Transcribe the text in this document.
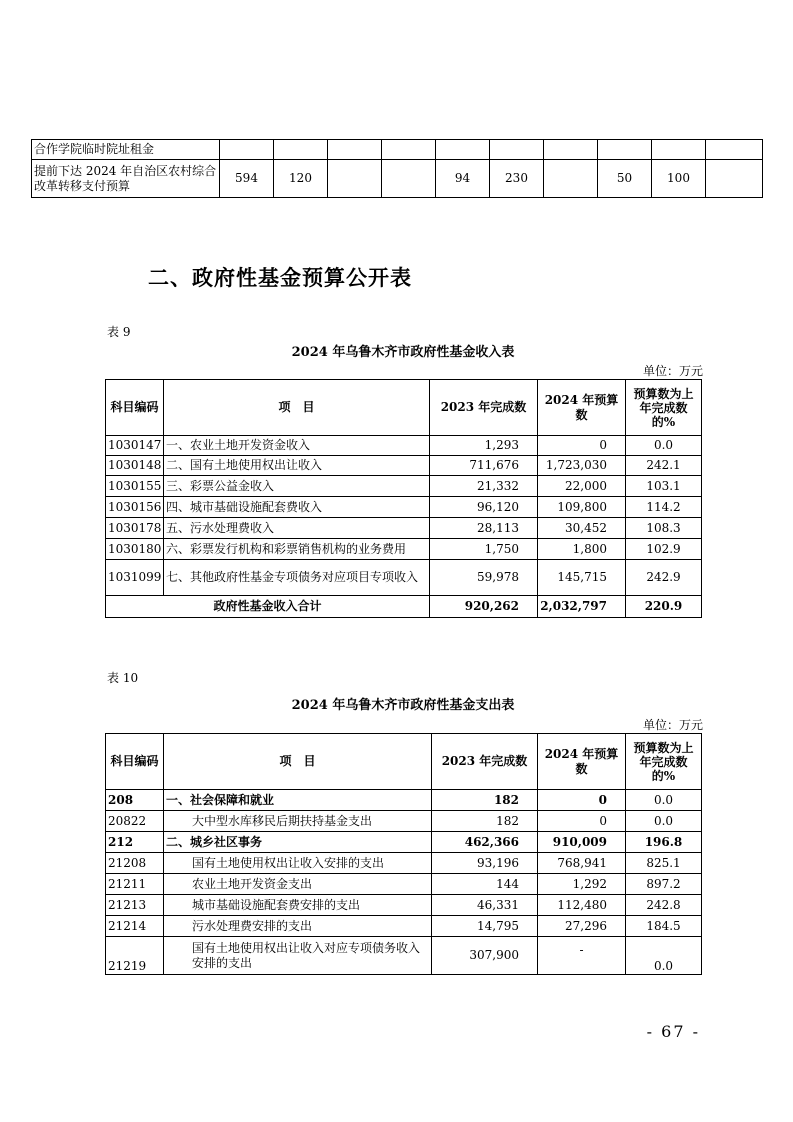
合作学院临时院址租金										
提前下达 2024 年自治区农村综合改革转移支付预算	594	120			94	230		50	100	
二、政府性基金预算公开表
表 9
2024 年乌鲁木齐市政府性基金收入表
单位：万元
科目编码	项　目	2023 年完成数	2024 年预算数	预算数为上年完成数的%
1030147	一、农业土地开发资金收入	1,293	0	0.0
1030148	二、国有土地使用权出让收入	711,676	1,723,030	242.1
1030155	三、彩票公益金收入	21,332	22,000	103.1
1030156	四、城市基础设施配套费收入	96,120	109,800	114.2
1030178	五、污水处理费收入	28,113	30,452	108.3
1030180	六、彩票发行机构和彩票销售机构的业务费用	1,750	1,800	102.9
1031099	七、其他政府性基金专项债务对应项目专项收入	59,978	145,715	242.9
政府性基金收入合计		920,262	2,032,797	220.9
表 10
2024 年乌鲁木齐市政府性基金支出表
单位：万元
科目编码	项　目	2023 年完成数	2024 年预算数	预算数为上年完成数的%
208	一、社会保障和就业	182	0	0.0
20822	大中型水库移民后期扶持基金支出	182	0	0.0
212	二、城乡社区事务	462,366	910,009	196.8
21208	国有土地使用权出让收入安排的支出	93,196	768,941	825.1
21211	农业土地开发资金支出	144	1,292	897.2
21213	城市基础设施配套费安排的支出	46,331	112,480	242.8
21214	污水处理费安排的支出	14,795	27,296	184.5
21219	国有土地使用权出让收入对应专项债务收入安排的支出	307,900	-	0.0
- 67 -
